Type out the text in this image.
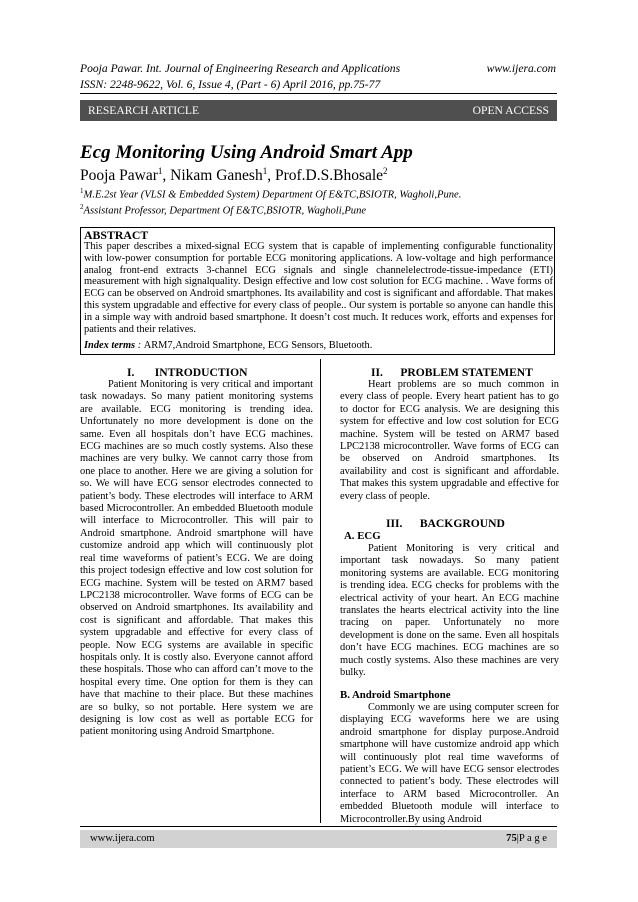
Pooja Pawar. Int. Journal of Engineering Research and Applications	www.ijera.com
ISSN: 2248-9622, Vol. 6, Issue 4, (Part - 6) April 2016, pp.75-77
RESEARCH ARTICLE	OPEN ACCESS
Ecg Monitoring Using Android Smart App
Pooja Pawar$^1$, Nikam Ganesh$^1$, Prof.D.S.Bhosale$^2$
$^1$M.E.2st Year (VLSI & Embedded System) Department Of E&TC,BSIOTR, Wagholi,Pune.
$^2$Assistant Professor, Department Of E&TC,BSIOTR, Wagholi,Pune
ABSTRACT
This paper describes a mixed-signal ECG system that is capable of implementing configurable functionality with low-power consumption for portable ECG monitoring applications. A low-voltage and high performance analog front-end extracts 3-channel ECG signals and single channelelectrode-tissue-impedance (ETI) measurement with high signalquality. Design effective and low cost solution for ECG machine. . Wave forms of ECG can be observed on Android smartphones. Its availability and cost is significant and affordable. That makes this system upgradable and effective for every class of people.. Our system is portable so anyone can handle this in a simple way with android based smartphone. It doesn’t cost much. It reduces work, efforts and expenses for patients and their relatives.
Index terms : ARM7,Android Smartphone, ECG Sensors, Bluetooth.
I.       INTRODUCTION

Patient Monitoring is very critical and important task nowadays. So many patient monitoring systems are available. ECG monitoring is trending idea. Unfortunately no more development is done on the same. Even all hospitals don’t have ECG machines. ECG machines are so much costly systems. Also these machines are very bulky. We cannot carry those from one place to another. Here we are giving a solution for so. We will have ECG sensor electrodes connected to patient’s body. These electrodes will interface to ARM based Microcontroller. An embedded Bluetooth module will interface to Microcontroller. This will pair to Android smartphone. Android smartphone will have customize android app which will continuously plot real time waveforms of patient’s ECG. We are doing this project todesign effective and low cost solution for ECG machine. System will be tested on ARM7 based LPC2138 microcontroller. Wave forms of ECG can be observed on Android smartphones. Its availability and cost is significant and affordable. That makes this system upgradable and effective for every class of people. Now ECG systems are available in specific hospitals only. It is costly also. Everyone cannot afford these hospitals. Those who can afford can’t move to the hospital every time. One option for them is they can have that machine to their place. But these machines are so bulky, so not portable. Here system we are designing is low cost as well as portable ECG for patient monitoring using Android Smartphone.

II.      PROBLEM STATEMENT

Heart problems are so much common in every class of people. Every heart patient has to go to doctor for ECG analysis. We are designing this system for effective and low cost solution for ECG machine. System will be tested on ARM7 based LPC2138 microcontroller. Wave forms of ECG can be observed on Android smartphones. Its availability and cost is significant and affordable. That makes this system upgradable and effective for every class of people.

III.      BACKGROUND
A. ECG

Patient Monitoring is very critical and important task nowadays. So many patient monitoring systems are available. ECG monitoring is trending idea. ECG checks for problems with the electrical activity of your heart. An ECG machine translates the hearts electrical activity into the line tracing on paper. Unfortunately no more development is done on the same. Even all hospitals don’t have ECG machines. ECG machines are so much costly systems. Also these machines are very bulky.

B. Android Smartphone

Commonly we are using computer screen for displaying ECG waveforms here we are using android smartphone for display purpose.Android smartphone will have customize android app which will continuously plot real time waveforms of patient’s ECG. We will have ECG sensor electrodes connected to patient’s body. These electrodes will interface to ARM based Microcontroller. An embedded Bluetooth module will interface to Microcontroller.By using Android

www.ijera.com	75|P a g e
